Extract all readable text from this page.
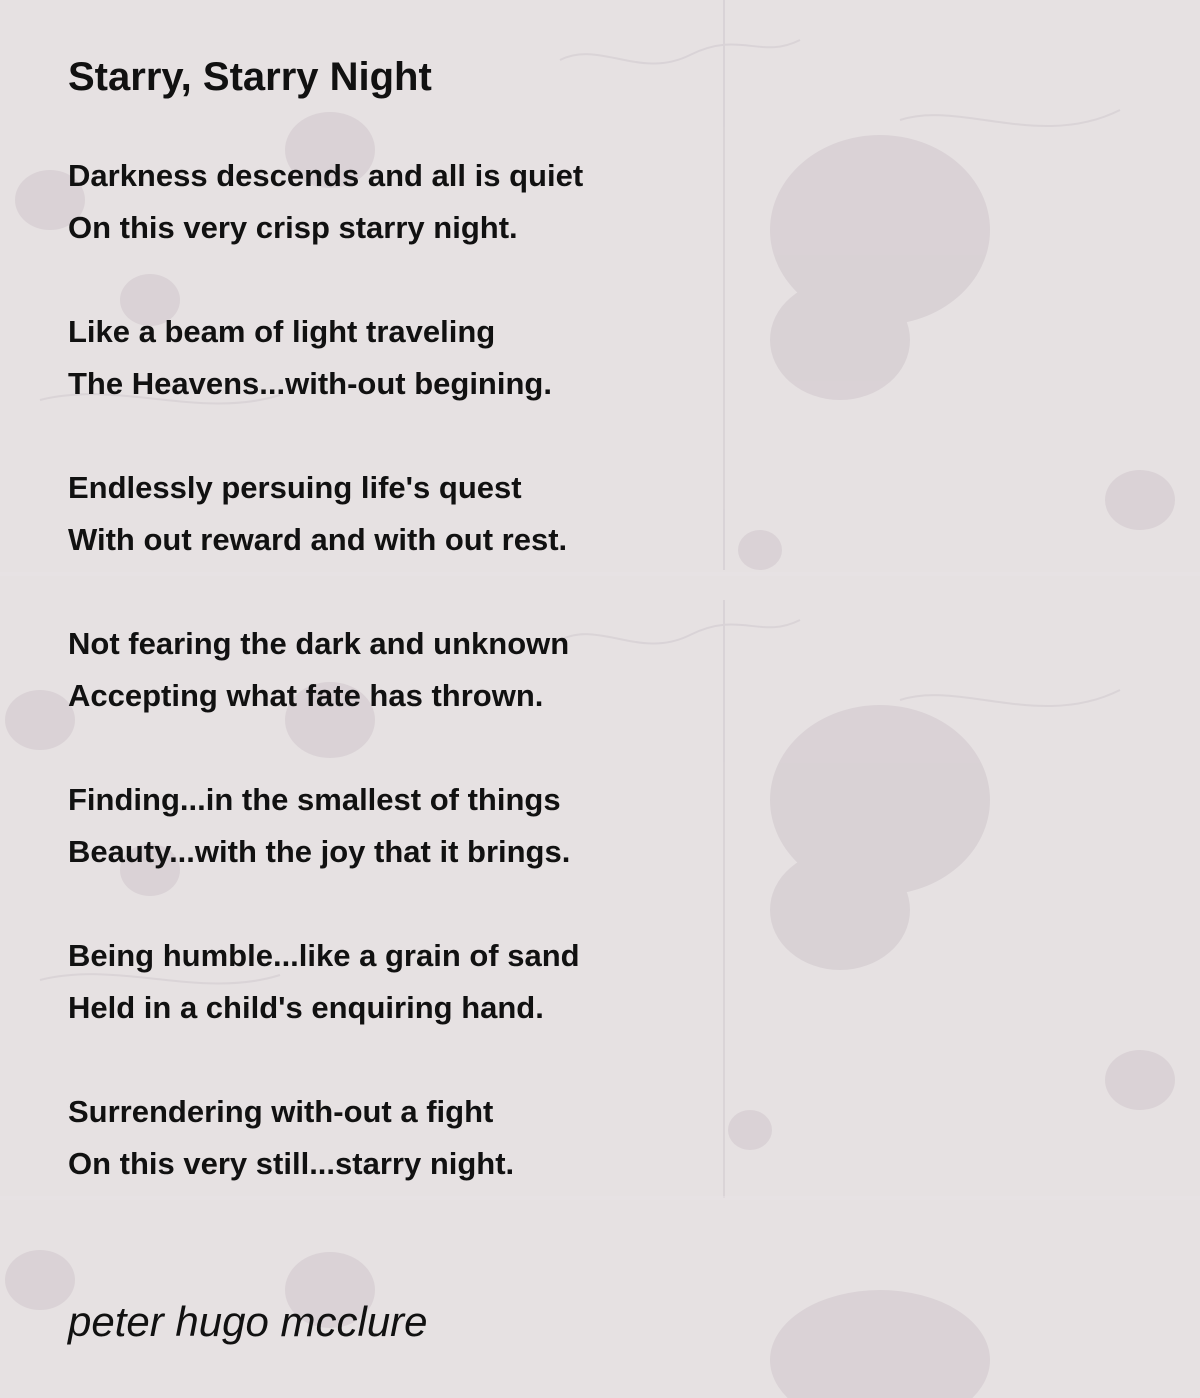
Starry, Starry Night
Darkness descends and all is quiet
On this very crisp starry night.
Like a beam of light traveling
The Heavens...with-out begining.
Endlessly persuing life's quest
With out reward and with out rest.
Not fearing the dark and unknown
Accepting what fate has thrown.
Finding...in the smallest of things
Beauty...with the joy that it brings.
Being humble...like a grain of sand
Held in a child's enquiring hand.
Surrendering with-out a fight
On this very still...starry night.
peter hugo mcclure
